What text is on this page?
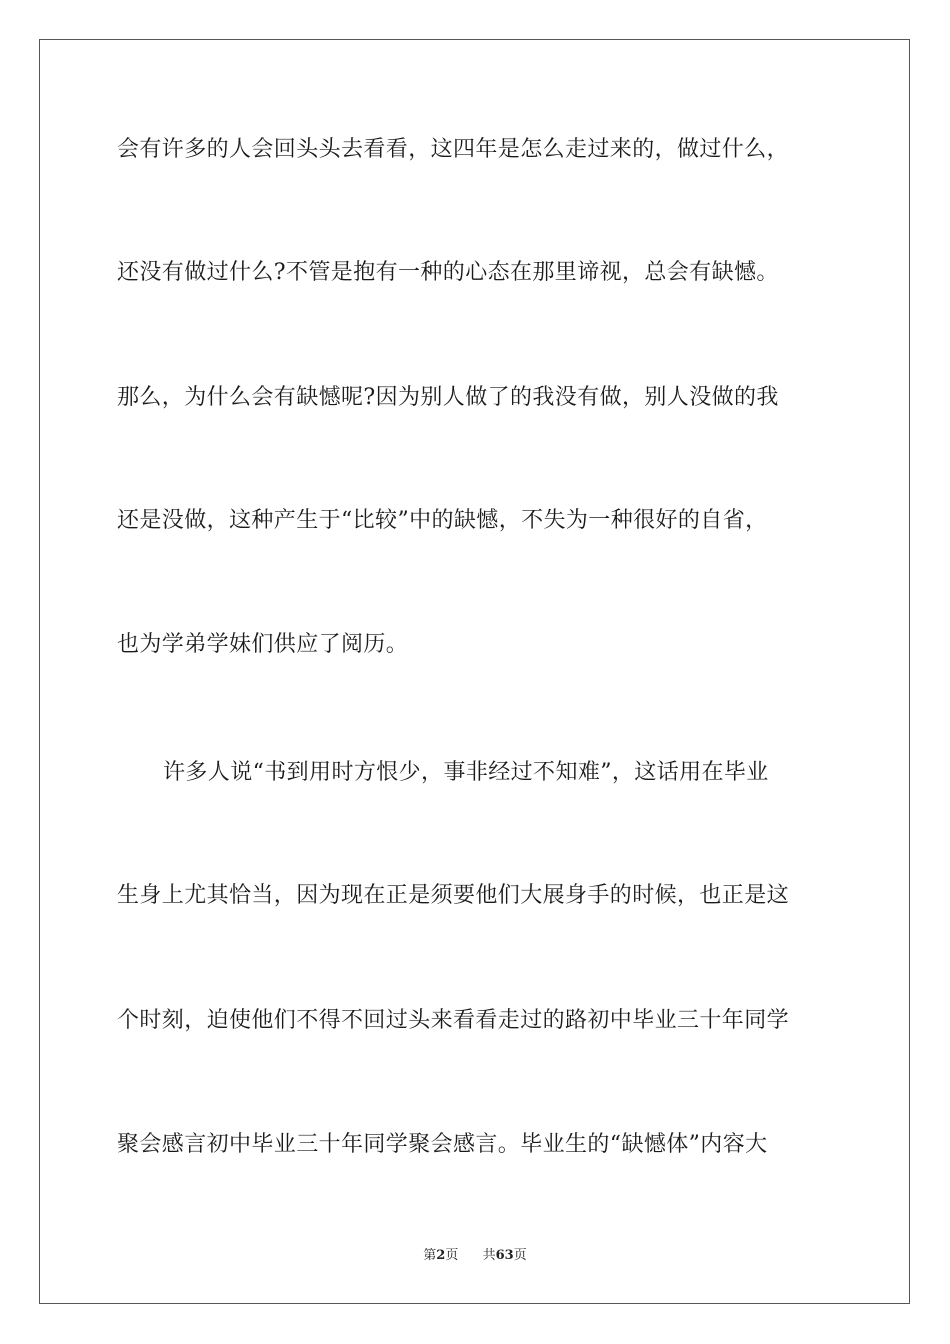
会有许多的人会回头头去看看，这四年是怎么走过来的，做过什么，
还没有做过什么?不管是抱有一种的心态在那里谛视，总会有缺憾。
那么，为什么会有缺憾呢?因为别人做了的我没有做，别人没做的我
还是没做，这种产生于“比较”中的缺憾，不失为一种很好的自省，
也为学弟学妹们供应了阅历。
许多人说“书到用时方恨少，事非经过不知难”，这话用在毕业
生身上尤其恰当，因为现在正是须要他们大展身手的时候，也正是这
个时刻，迫使他们不得不回过头来看看走过的路初中毕业三十年同学
聚会感言初中毕业三十年同学聚会感言。毕业生的“缺憾体”内容大
第2页 共63页
